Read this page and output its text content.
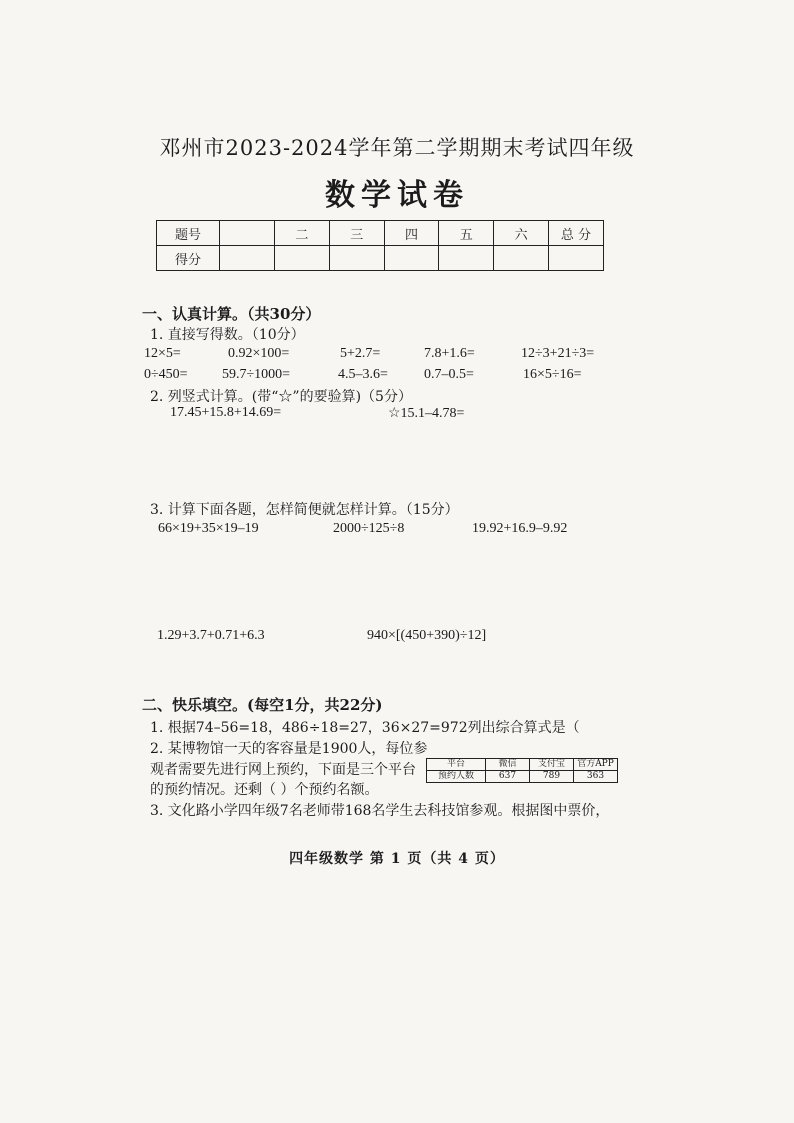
邓州市2023-2024学年第二学期期末考试四年级
数学试卷
题号		二	三	四	五	六	总 分
得分							
一、认真计算。（共30分）
1. 直接写得数。（10分）
12×5=	0.92×100=	5+2.7=	7.8+1.6=	12÷3+21÷3=
0÷450= 59.7÷1000=	4.5–3.6=	0.7–0.5=	16×5÷16=
2. 列竖式计算。(带“☆”的要验算)（5分）
17.45+15.8+14.69=	☆15.1–4.78=
3. 计算下面各题，怎样简便就怎样计算。（15分）
66×19+35×19–19	2000÷125÷8	19.92+16.9–9.92
1.29+3.7+0.71+6.3	940×[(450+390)÷12]
二、快乐填空。(每空1分，共22分)
1. 根据74–56=18，486÷18=27，36×27=972列出综合算式是（
2. 某博物馆一天的客容量是1900人，每位参
观者需要先进行网上预约，下面是三个平台
的预约情况。还剩（ ）个预约名额。
平台	微信	支付宝	官方APP
预约人数	637	789	363
3. 文化路小学四年级7名老师带168名学生去科技馆参观。根据图中票价，
四年级数学 第 1 页（共 4 页）
